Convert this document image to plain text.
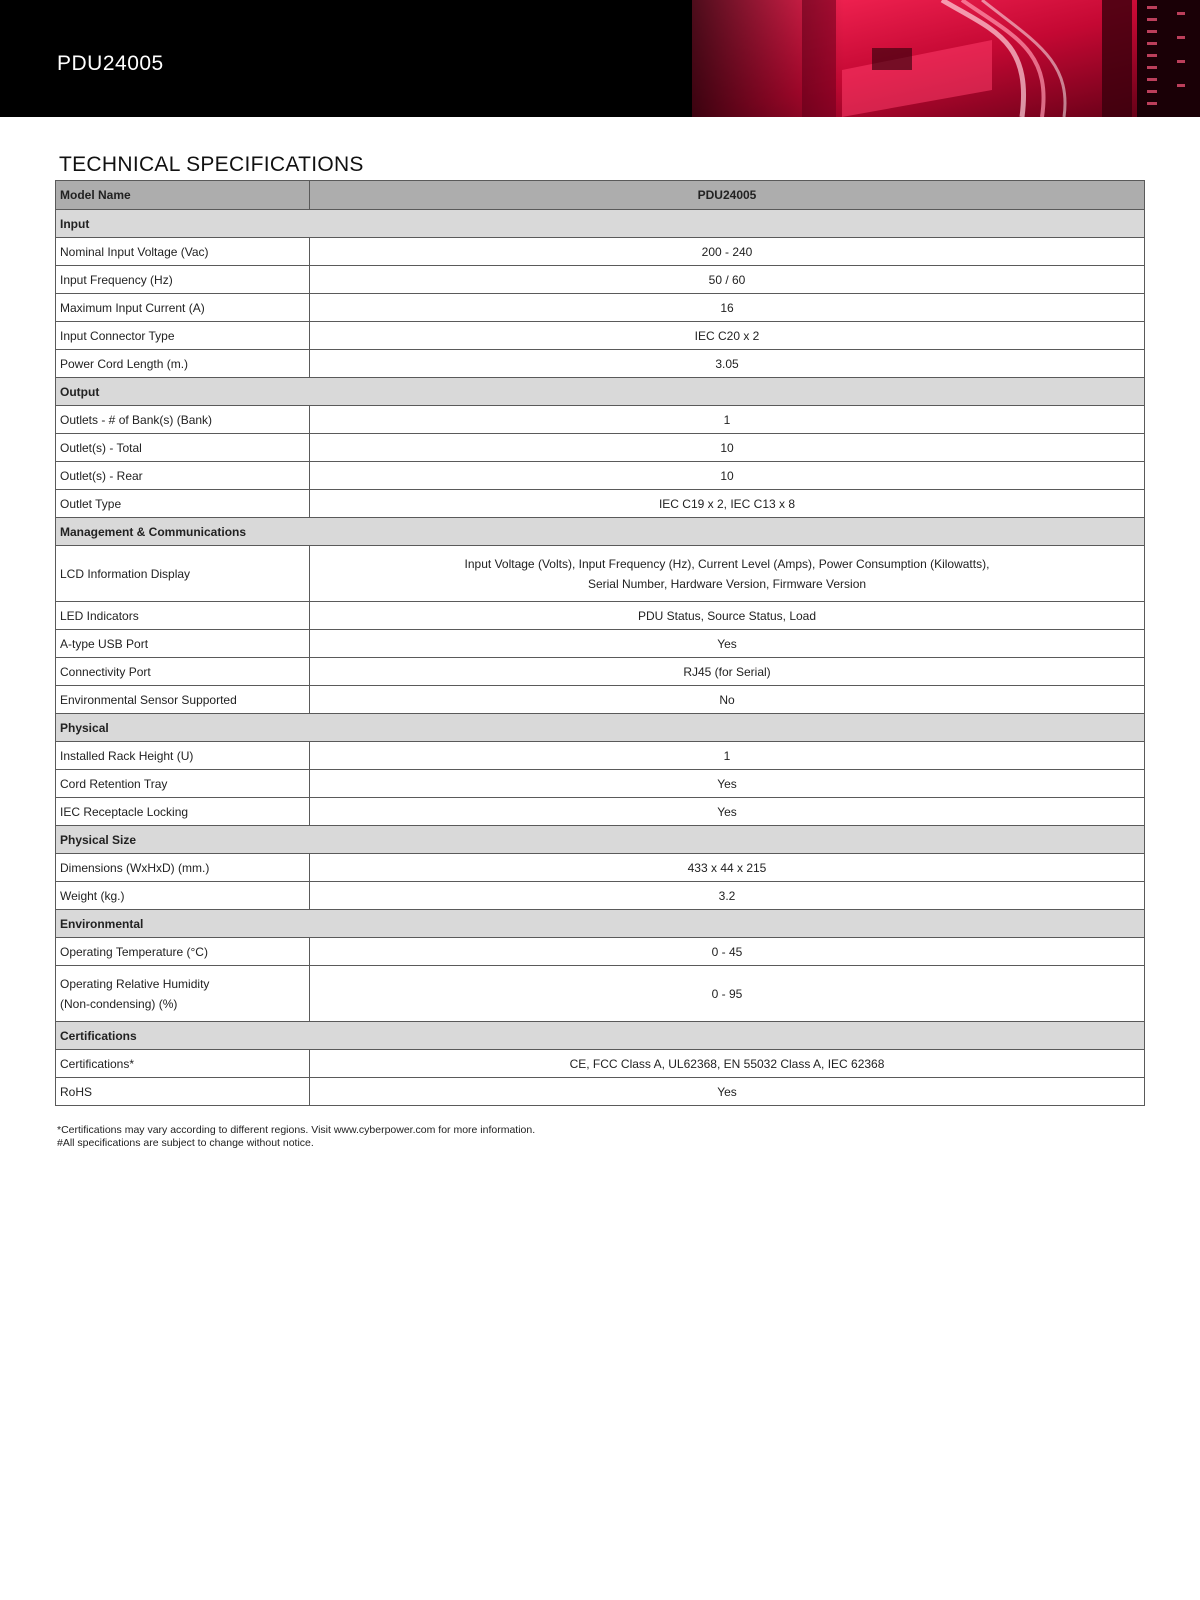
PDU24005
TECHNICAL SPECIFICATIONS
Model Name	PDU24005
Input	
Nominal Input Voltage (Vac)	200 - 240
Input Frequency (Hz)	50 / 60
Maximum Input Current (A)	16
Input Connector Type	IEC C20 x 2
Power Cord Length (m.)	3.05
Output	
Outlets - # of Bank(s) (Bank)	1
Outlet(s) - Total	10
Outlet(s) - Rear	10
Outlet Type	IEC C19 x 2, IEC C13 x 8
Management & Communications	
LCD Information Display	Input Voltage (Volts), Input Frequency (Hz), Current Level (Amps), Power Consumption (Kilowatts),
Serial Number, Hardware Version, Firmware Version

LED Indicators	PDU Status, Source Status, Load
A-type USB Port	Yes
Connectivity Port	RJ45 (for Serial)
Environmental Sensor Supported	No
Physical	
Installed Rack Height (U)	1
Cord Retention Tray	Yes
IEC Receptacle Locking	Yes
Physical Size	
Dimensions (WxHxD) (mm.)	433 x 44 x 215
Weight (kg.)	3.2
Environmental	
Operating Temperature (°C)	0 - 45

Operating Relative Humidity
(Non-condensing) (%)	0 - 95
Certifications	
Certifications*	CE, FCC Class A, UL62368, EN 55032 Class A, IEC 62368
RoHS	Yes
*Certifications may vary according to different regions. Visit www.cyberpower.com for more information.
#All specifications are subject to change without notice.
